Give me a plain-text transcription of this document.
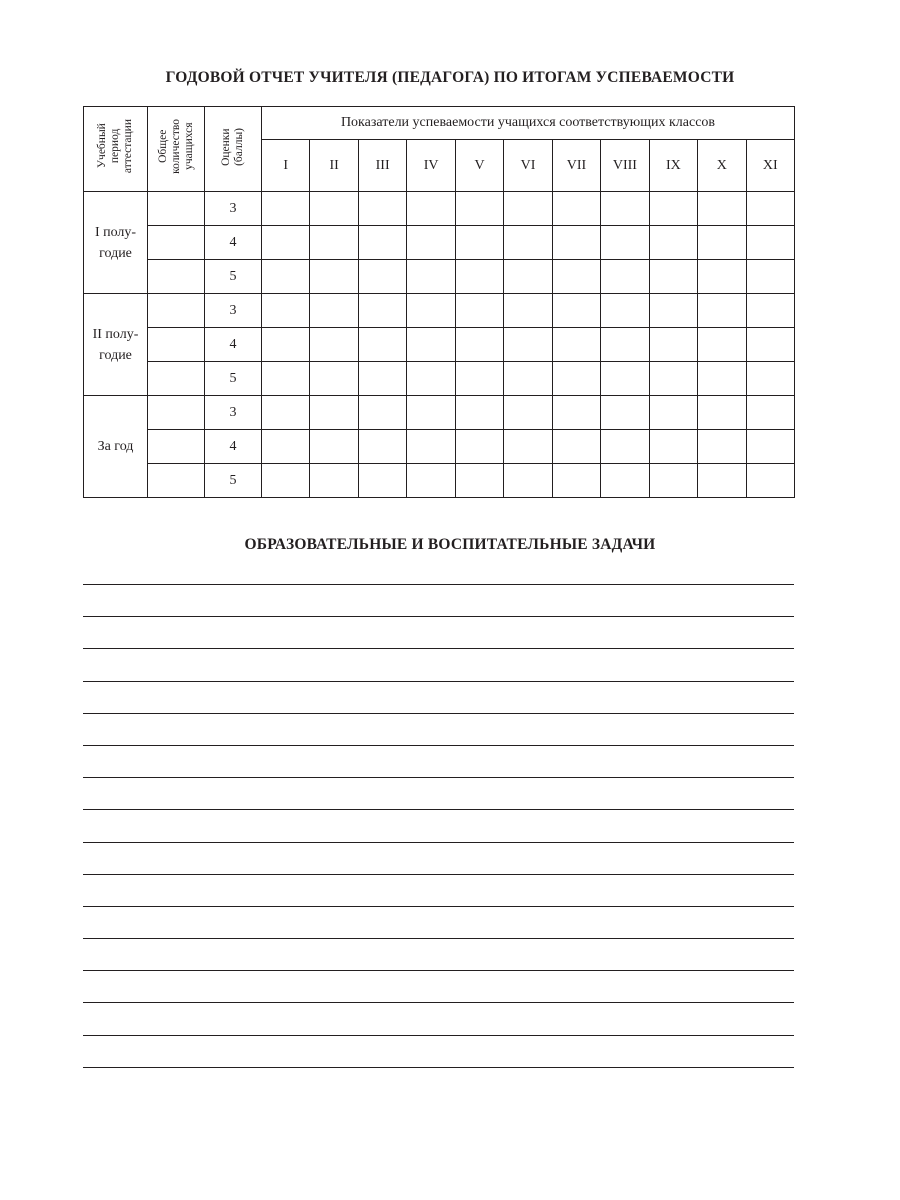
ГОДОВОЙ ОТЧЕТ УЧИТЕЛЯ (ПЕДАГОГА) ПО ИТОГАМ УСПЕВАЕМОСТИ
Учебный
период
аттестации	Общее
количество
учащихся	Оценки
(баллы)	Показатели успеваемости учащихся соответствующих классов										
			I	II	III	IV	V	VI	VII	VIII	IX	X	XI
I полу-
годие		3											
		4											
		5											
II полу-
годие		3											
		4											
		5											
За год		3											
		4											
		5											
ОБРАЗОВАТЕЛЬНЫЕ И ВОСПИТАТЕЛЬНЫЕ ЗАДАЧИ
